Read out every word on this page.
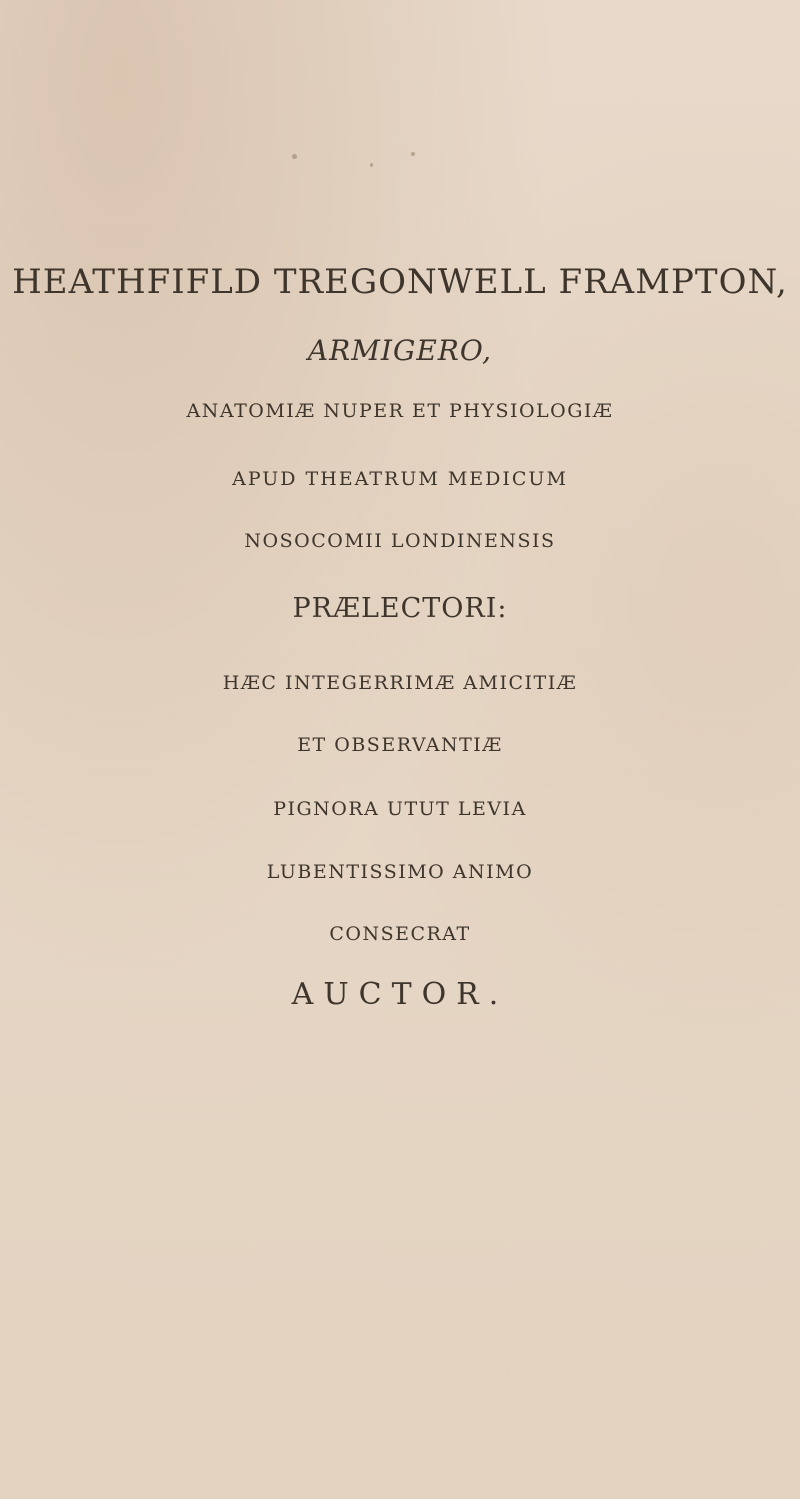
HEATHFIFLD TREGONWELL FRAMPTON,
ARMIGERO,
ANATOMIÆ NUPER ET PHYSIOLOGIÆ
APUD THEATRUM MEDICUM
NOSOCOMII LONDINENSIS
PRÆLECTORI:
HÆC INTEGERRIMÆ AMICITIÆ
ET OBSERVANTIÆ
PIGNORA UTUT LEVIA
LUBENTISSIMO ANIMO
CONSECRAT
AUCTOR.
